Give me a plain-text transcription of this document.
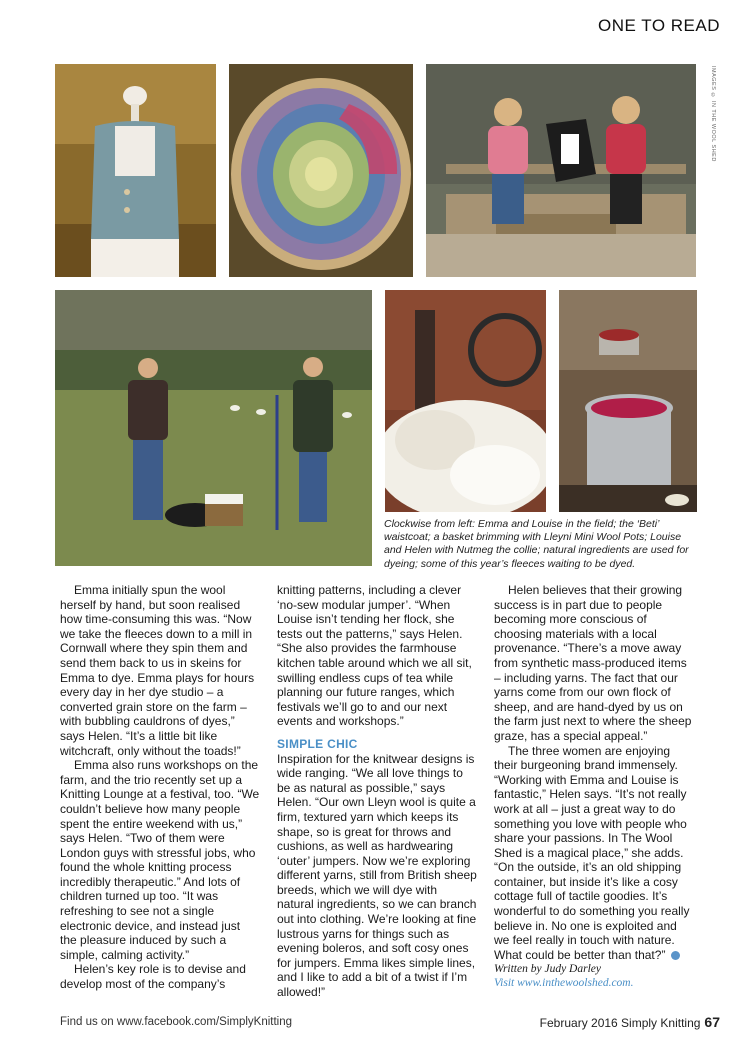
ONE TO READ
IMAGES © IN THE WOOL SHED
Clockwise from left: Emma and Louise in the field; the ‘Beti’ waistcoat; a basket brimming with Lleyni Mini Wool Pots; Louise and Helen with Nutmeg the collie; natural ingredients are used for dyeing; some of this year’s fleeces waiting to be dyed.

Emma initially spun the wool herself by hand, but soon realised how time-consuming this was. “Now we take the fleeces down to a mill in Cornwall where they spin them and send them back to us in skeins for Emma to dye. Emma plays for hours every day in her dye studio – a converted grain store on the farm – with bubbling cauldrons of dyes,” says Helen. “It’s a little bit like witchcraft, only without the toads!”

Emma also runs workshops on the farm, and the trio recently set up a Knitting Lounge at a festival, too. “We couldn’t believe how many people spent the entire weekend with us,” says Helen. “Two of them were London guys with stressful jobs, who found the whole knitting process incredibly therapeutic.” And lots of children turned up too. “It was refreshing to see not a single electronic device, and instead just the pleasure induced by such a simple, calming activity.”

Helen’s key role is to devise and develop most of the company’s

knitting patterns, including a clever ‘no-sew modular jumper’. “When Louise isn’t tending her flock, she tests out the patterns,” says Helen. “She also provides the farmhouse kitchen table around which we all sit, swilling endless cups of tea while planning our future ranges, which festivals we’ll go to and our next events and workshops.”

SIMPLE CHIC

Inspiration for the knitwear designs is wide ranging. “We all love things to be as natural as possible,” says Helen. “Our own Lleyn wool is quite a firm, textured yarn which keeps its shape, so is great for throws and cushions, as well as hardwearing ‘outer’ jumpers. Now we’re exploring different yarns, still from British sheep breeds, which we will dye with natural ingredients, so we can branch out into clothing. We’re looking at fine lustrous yarns for things such as evening boleros, and soft cosy ones for jumpers. Emma likes simple lines, and I like to add a bit of a twist if I’m allowed!”

Helen believes that their growing success is in part due to people becoming more conscious of choosing materials with a local provenance. “There’s a move away from synthetic mass-produced items – including yarns. The fact that our yarns come from our own flock of sheep, and are hand-dyed by us on the farm just next to where the sheep graze, has a special appeal.”

The three women are enjoying their burgeoning brand immensely. “Working with Emma and Louise is fantastic,” Helen says. “It’s not really work at all – just a great way to do something you love with people who share your passions. In The Wool Shed is a magical place,” she adds. “On the outside, it’s an old shipping container, but inside it’s like a cosy cottage full of tactile goodies. It’s wonderful to do something you really believe in. No one is exploited and we feel really in touch with nature. What could be better than that?”

Written by Judy Darley
Visit www.inthewoolshed.com.
Find us on www.facebook.com/SimplyKnitting	February 2016 Simply Knitting 67
